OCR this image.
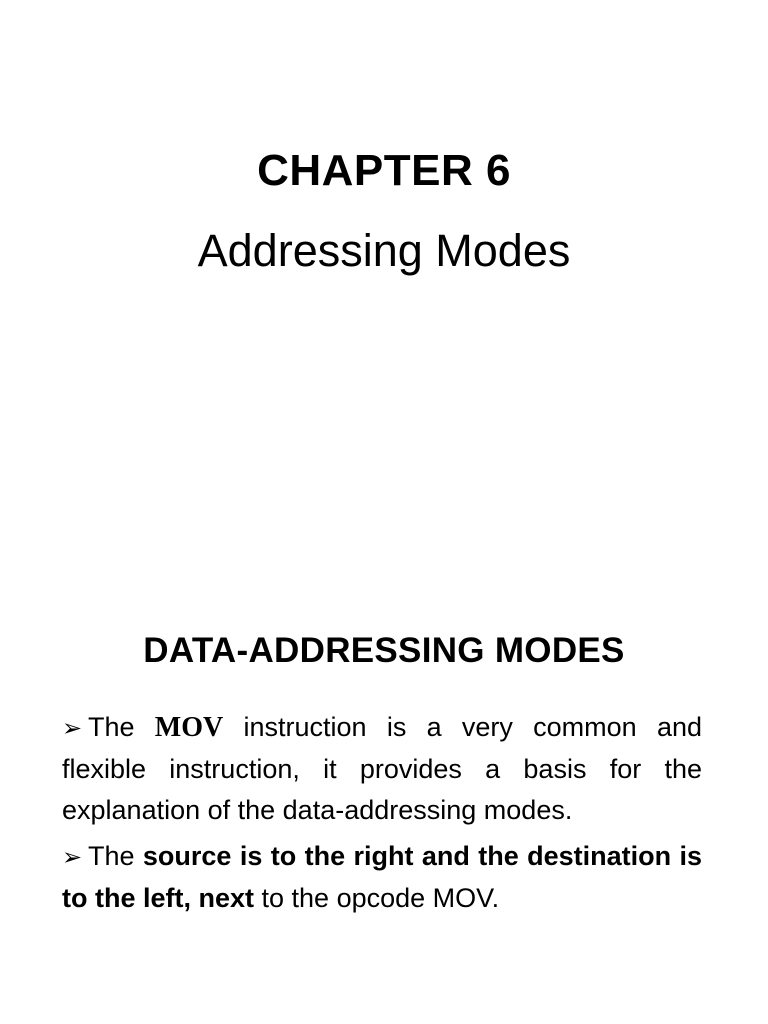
CHAPTER 6
Addressing Modes
DATA-ADDRESSING MODES
➢ The MOV instruction is a very common and flexible instruction, it provides a basis for the explanation of the data-addressing modes.
➢ The source is to the right and the destination is to the left, next to the opcode MOV.
